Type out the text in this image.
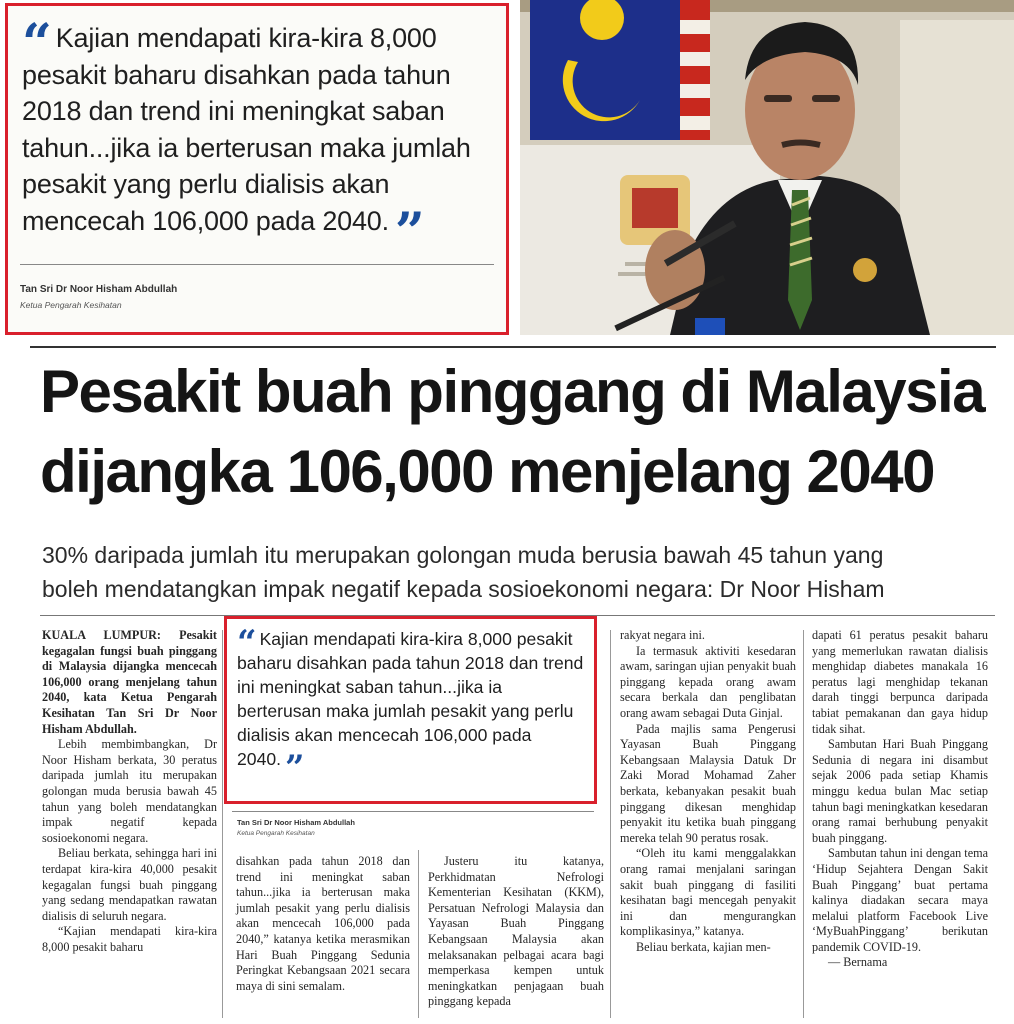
“ Kajian mendapati kira-kira 8,000 pesakit baharu disahkan pada tahun 2018 dan trend ini meningkat saban tahun...jika ia berterusan maka jumlah pesakit yang perlu dialisis akan mencecah 106,000 pada 2040. ”
Tan Sri Dr Noor Hisham Abdullah
Ketua Pengarah Kesihatan
Pesakit buah pinggang di Malaysia
dijangka 106,000 menjelang 2040
30% daripada jumlah itu merupakan golongan muda berusia bawah 45 tahun yang
boleh mendatangkan impak negatif kepada sosioekonomi negara: Dr Noor Hisham

KUALA LUMPUR: Pesakit kegagalan fungsi buah pinggang di Malaysia dijangka mencecah 106,000 orang menjelang tahun 2040, kata Ketua Pengarah Kesihatan Tan Sri Dr Noor Hisham Abdullah.

Lebih membimbangkan, Dr Noor Hisham berkata, 30 peratus daripada jumlah itu merupakan golongan muda berusia bawah 45 tahun yang boleh mendatangkan impak negatif kepada sosioekonomi negara.

Beliau berkata, sehingga hari ini terdapat kira-kira 40,000 pesakit kegagalan fungsi buah pinggang yang sedang mendapatkan rawatan dialisis di seluruh negara.

“Kajian mendapati kira-kira 8,000 pesakit baharu

“ Kajian mendapati kira-kira 8,000 pesakit baharu disahkan pada tahun 2018 dan trend ini meningkat saban tahun...jika ia berterusan maka jumlah pesakit yang perlu dialisis akan mencecah 106,000 pada 2040. ”
Tan Sri Dr Noor Hisham Abdullah
Ketua Pengarah Kesihatan

disahkan pada tahun 2018 dan trend ini meningkat saban tahun...jika ia berterusan maka jumlah pesakit yang perlu dialisis akan mencecah 106,000 pada 2040,” katanya ketika merasmikan Hari Buah Pinggang Sedunia Peringkat Kebangsaan 2021 secara maya di sini semalam.

Justeru itu katanya, Perkhidmatan Nefrologi Kementerian Kesihatan (KKM), Persatuan Nefrologi Malaysia dan Yayasan Buah Pinggang Kebangsaan Malaysia akan melaksanakan pelbagai acara bagi memperkasa kempen untuk meningkatkan penjagaan buah pinggang kepada

rakyat negara ini.

Ia termasuk aktiviti kesedaran awam, saringan ujian penyakit buah pinggang kepada orang awam secara berkala dan penglibatan orang awam sebagai Duta Ginjal.

Pada majlis sama Pengerusi Yayasan Buah Pinggang Kebangsaan Malaysia Datuk Dr Zaki Morad Mohamad Zaher berkata, kebanyakan pesakit buah pinggang dikesan menghidap penyakit itu ketika buah pinggang mereka telah 90 peratus rosak.

“Oleh itu kami menggalakkan orang ramai menjalani saringan sakit buah pinggang di fasiliti kesihatan bagi mencegah penyakit ini dan mengurangkan komplikasinya,” katanya.

Beliau berkata, kajian men-

dapati 61 peratus pesakit baharu yang memerlukan rawatan dialisis menghidap diabetes manakala 16 peratus lagi menghidap tekanan darah tinggi berpunca daripada tabiat pemakanan dan gaya hidup tidak sihat.

Sambutan Hari Buah Pinggang Sedunia di negara ini disambut sejak 2006 pada setiap Khamis minggu kedua bulan Mac setiap tahun bagi meningkatkan kesedaran orang ramai berhubung penyakit buah pinggang.

Sambutan tahun ini dengan tema ‘Hidup Sejahtera Dengan Sakit Buah Pinggang’ buat pertama kalinya diadakan secara maya melalui platform Facebook Live ‘MyBuahPinggang’ berikutan pandemik COVID-19.

— Bernama
